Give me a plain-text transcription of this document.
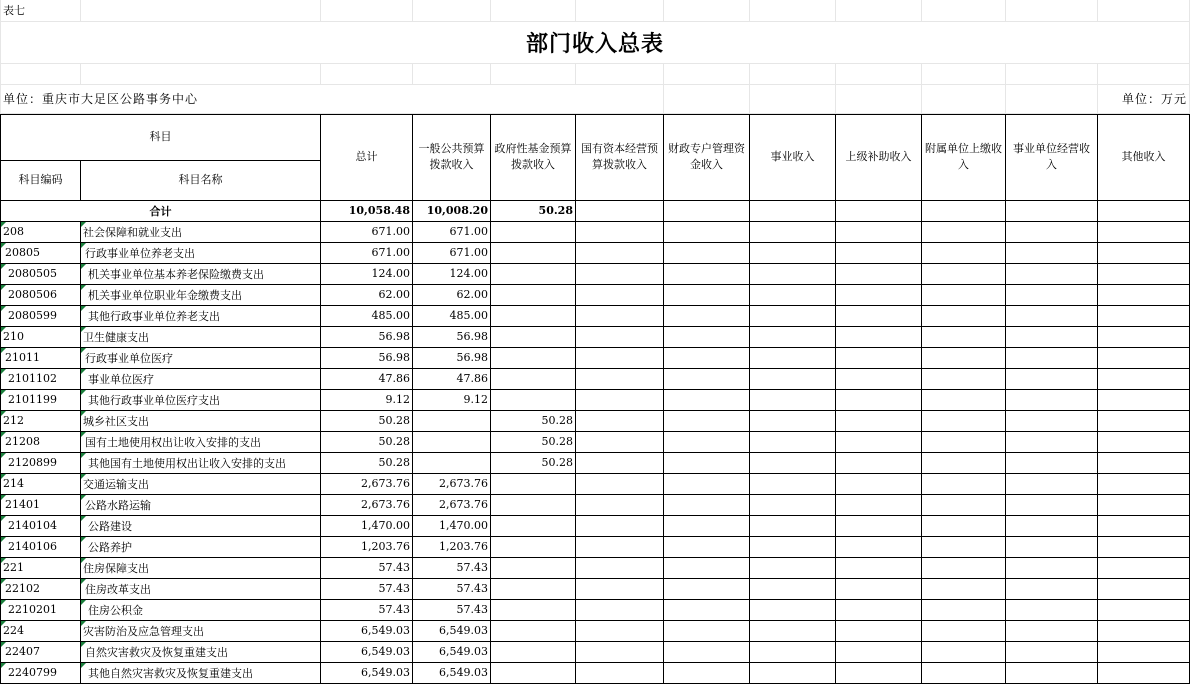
表七											
部门收入总表											

单位：重庆市大足区公路事务中心											单位：万元
科目		总计	一般公共预算拨款收入	政府性基金预算拨款收入	国有资本经营预算拨款收入	财政专户管理资金收入	事业收入	上级补助收入	附属单位上缴收入	事业单位经营收入	其他收入
科目编码	科目名称										
合计		10,058.48	10,008.20	50.28							

208	社会保障和就业支出	671.00	671.00								

20805	行政事业单位养老支出	671.00	671.00								

2080505	机关事业单位基本养老保险缴费支出	124.00	124.00								

2080506	机关事业单位职业年金缴费支出	62.00	62.00								

2080599	其他行政事业单位养老支出	485.00	485.00								

210	卫生健康支出	56.98	56.98								

21011	行政事业单位医疗	56.98	56.98								

2101102	事业单位医疗	47.86	47.86								

2101199	其他行政事业单位医疗支出	9.12	9.12								

212	城乡社区支出	50.28		50.28							

21208	国有土地使用权出让收入安排的支出	50.28		50.28							

2120899	其他国有土地使用权出让收入安排的支出	50.28		50.28							

214	交通运输支出	2,673.76	2,673.76								

21401	公路水路运输	2,673.76	2,673.76								

2140104	公路建设	1,470.00	1,470.00								

2140106	公路养护	1,203.76	1,203.76								

221	住房保障支出	57.43	57.43								

22102	住房改革支出	57.43	57.43								

2210201	住房公积金	57.43	57.43								

224	灾害防治及应急管理支出	6,549.03	6,549.03								

22407	自然灾害救灾及恢复重建支出	6,549.03	6,549.03								

2240799	其他自然灾害救灾及恢复重建支出	6,549.03	6,549.03								
